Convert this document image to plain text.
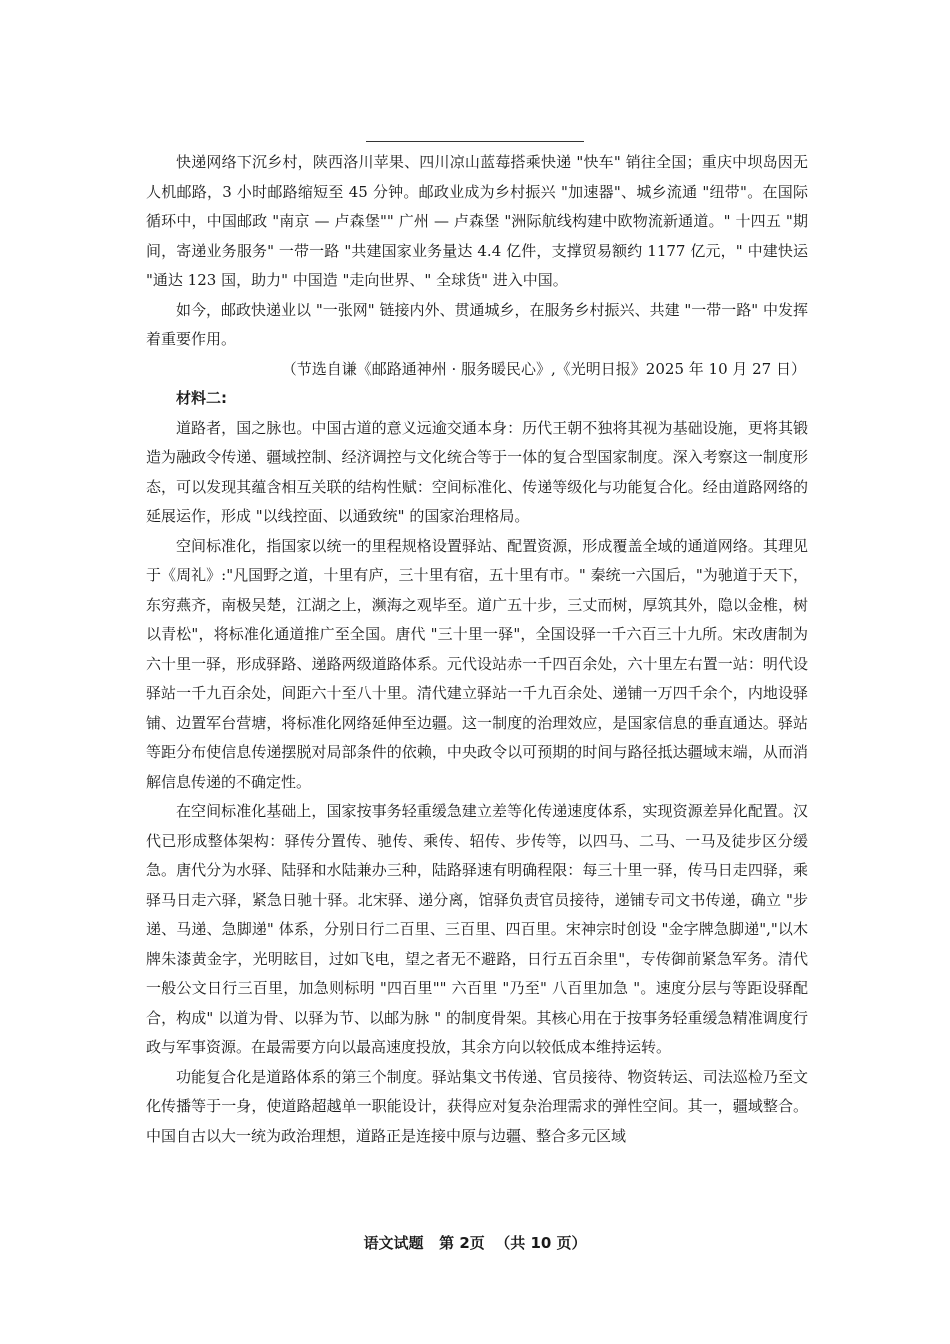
快递网络下沉乡村，陕西洛川苹果、四川凉山蓝莓搭乘快递 "快车" 销往全国；重庆中坝岛因无人机邮路，3 小时邮路缩短至 45 分钟。邮政业成为乡村振兴 "加速器"、城乡流通 "纽带"。在国际循环中，中国邮政 "南京 — 卢森堡"" 广州 — 卢森堡 "洲际航线构建中欧物流新通道。" 十四五 "期间，寄递业务服务" 一带一路 "共建国家业务量达 4.4 亿件，支撑贸易额约 1177 亿元，" 中建快运 "通达 123 国，助力" 中国造 "走向世界、" 全球货" 进入中国。

如今，邮政快递业以 "一张网" 链接内外、贯通城乡，在服务乡村振兴、共建 "一带一路" 中发挥着重要作用。

（节选自谦《邮路通神州 · 服务暖民心》,《光明日报》2025 年 10 月 27 日）

材料二:

道路者，国之脉也。中国古道的意义远逾交通本身：历代王朝不独将其视为基础设施，更将其锻造为融政令传递、疆域控制、经济调控与文化统合等于一体的复合型国家制度。深入考察这一制度形态，可以发现其蕴含相互关联的结构性赋：空间标准化、传递等级化与功能复合化。经由道路网络的延展运作，形成 "以线控面、以通致统" 的国家治理格局。

空间标准化，指国家以统一的里程规格设置驿站、配置资源，形成覆盖全域的通道网络。其理见于《周礼》:"凡国野之道，十里有庐，三十里有宿，五十里有市。" 秦统一六国后，"为驰道于天下，东穷燕齐，南极吴楚，江湖之上，濒海之观毕至。道广五十步，三丈而树，厚筑其外，隐以金椎，树以青松"，将标准化通道推广至全国。唐代 "三十里一驿"，全国设驿一千六百三十九所。宋改唐制为六十里一驿，形成驿路、递路两级道路体系。元代设站赤一千四百余处，六十里左右置一站：明代设驿站一千九百余处，间距六十至八十里。清代建立驿站一千九百余处、递铺一万四千余个，内地设驿铺、边置军台营塘，将标准化网络延伸至边疆。这一制度的治理效应，是国家信息的垂直通达。驿站等距分布使信息传递摆脱对局部条件的依赖，中央政令以可预期的时间与路径抵达疆域末端，从而消解信息传递的不确定性。

在空间标准化基础上，国家按事务轻重缓急建立差等化传递速度体系，实现资源差异化配置。汉代已形成整体架构：驿传分置传、驰传、乘传、轺传、步传等，以四马、二马、一马及徒步区分缓急。唐代分为水驿、陆驿和水陆兼办三种，陆路驿速有明确程限：每三十里一驿，传马日走四驿，乘驿马日走六驿，紧急日驰十驿。北宋驿、递分离，馆驿负责官员接待，递铺专司文书传递，确立 "步递、马递、急脚递" 体系，分别日行二百里、三百里、四百里。宋神宗时创设 "金字牌急脚递","以木牌朱漆黄金字，光明眩目，过如飞电，望之者无不避路，日行五百余里"，专传御前紧急军务。清代一般公文日行三百里，加急则标明 "四百里"" 六百里 "乃至" 八百里加急 "。速度分层与等距设驿配合，构成" 以道为骨、以驿为节、以邮为脉 " 的制度骨架。其核心用在于按事务轻重缓急精准调度行政与军事资源。在最需要方向以最高速度投放，其余方向以较低成本维持运转。

功能复合化是道路体系的第三个制度。驿站集文书传递、官员接待、物资转运、司法巡检乃至文化传播等于一身，使道路超越单一职能设计，获得应对复杂治理需求的弹性空间。其一，疆域整合。中国自古以大一统为政治理想，道路正是连接中原与边疆、整合多元区域

语文试题   第 2页  （共 10 页）
